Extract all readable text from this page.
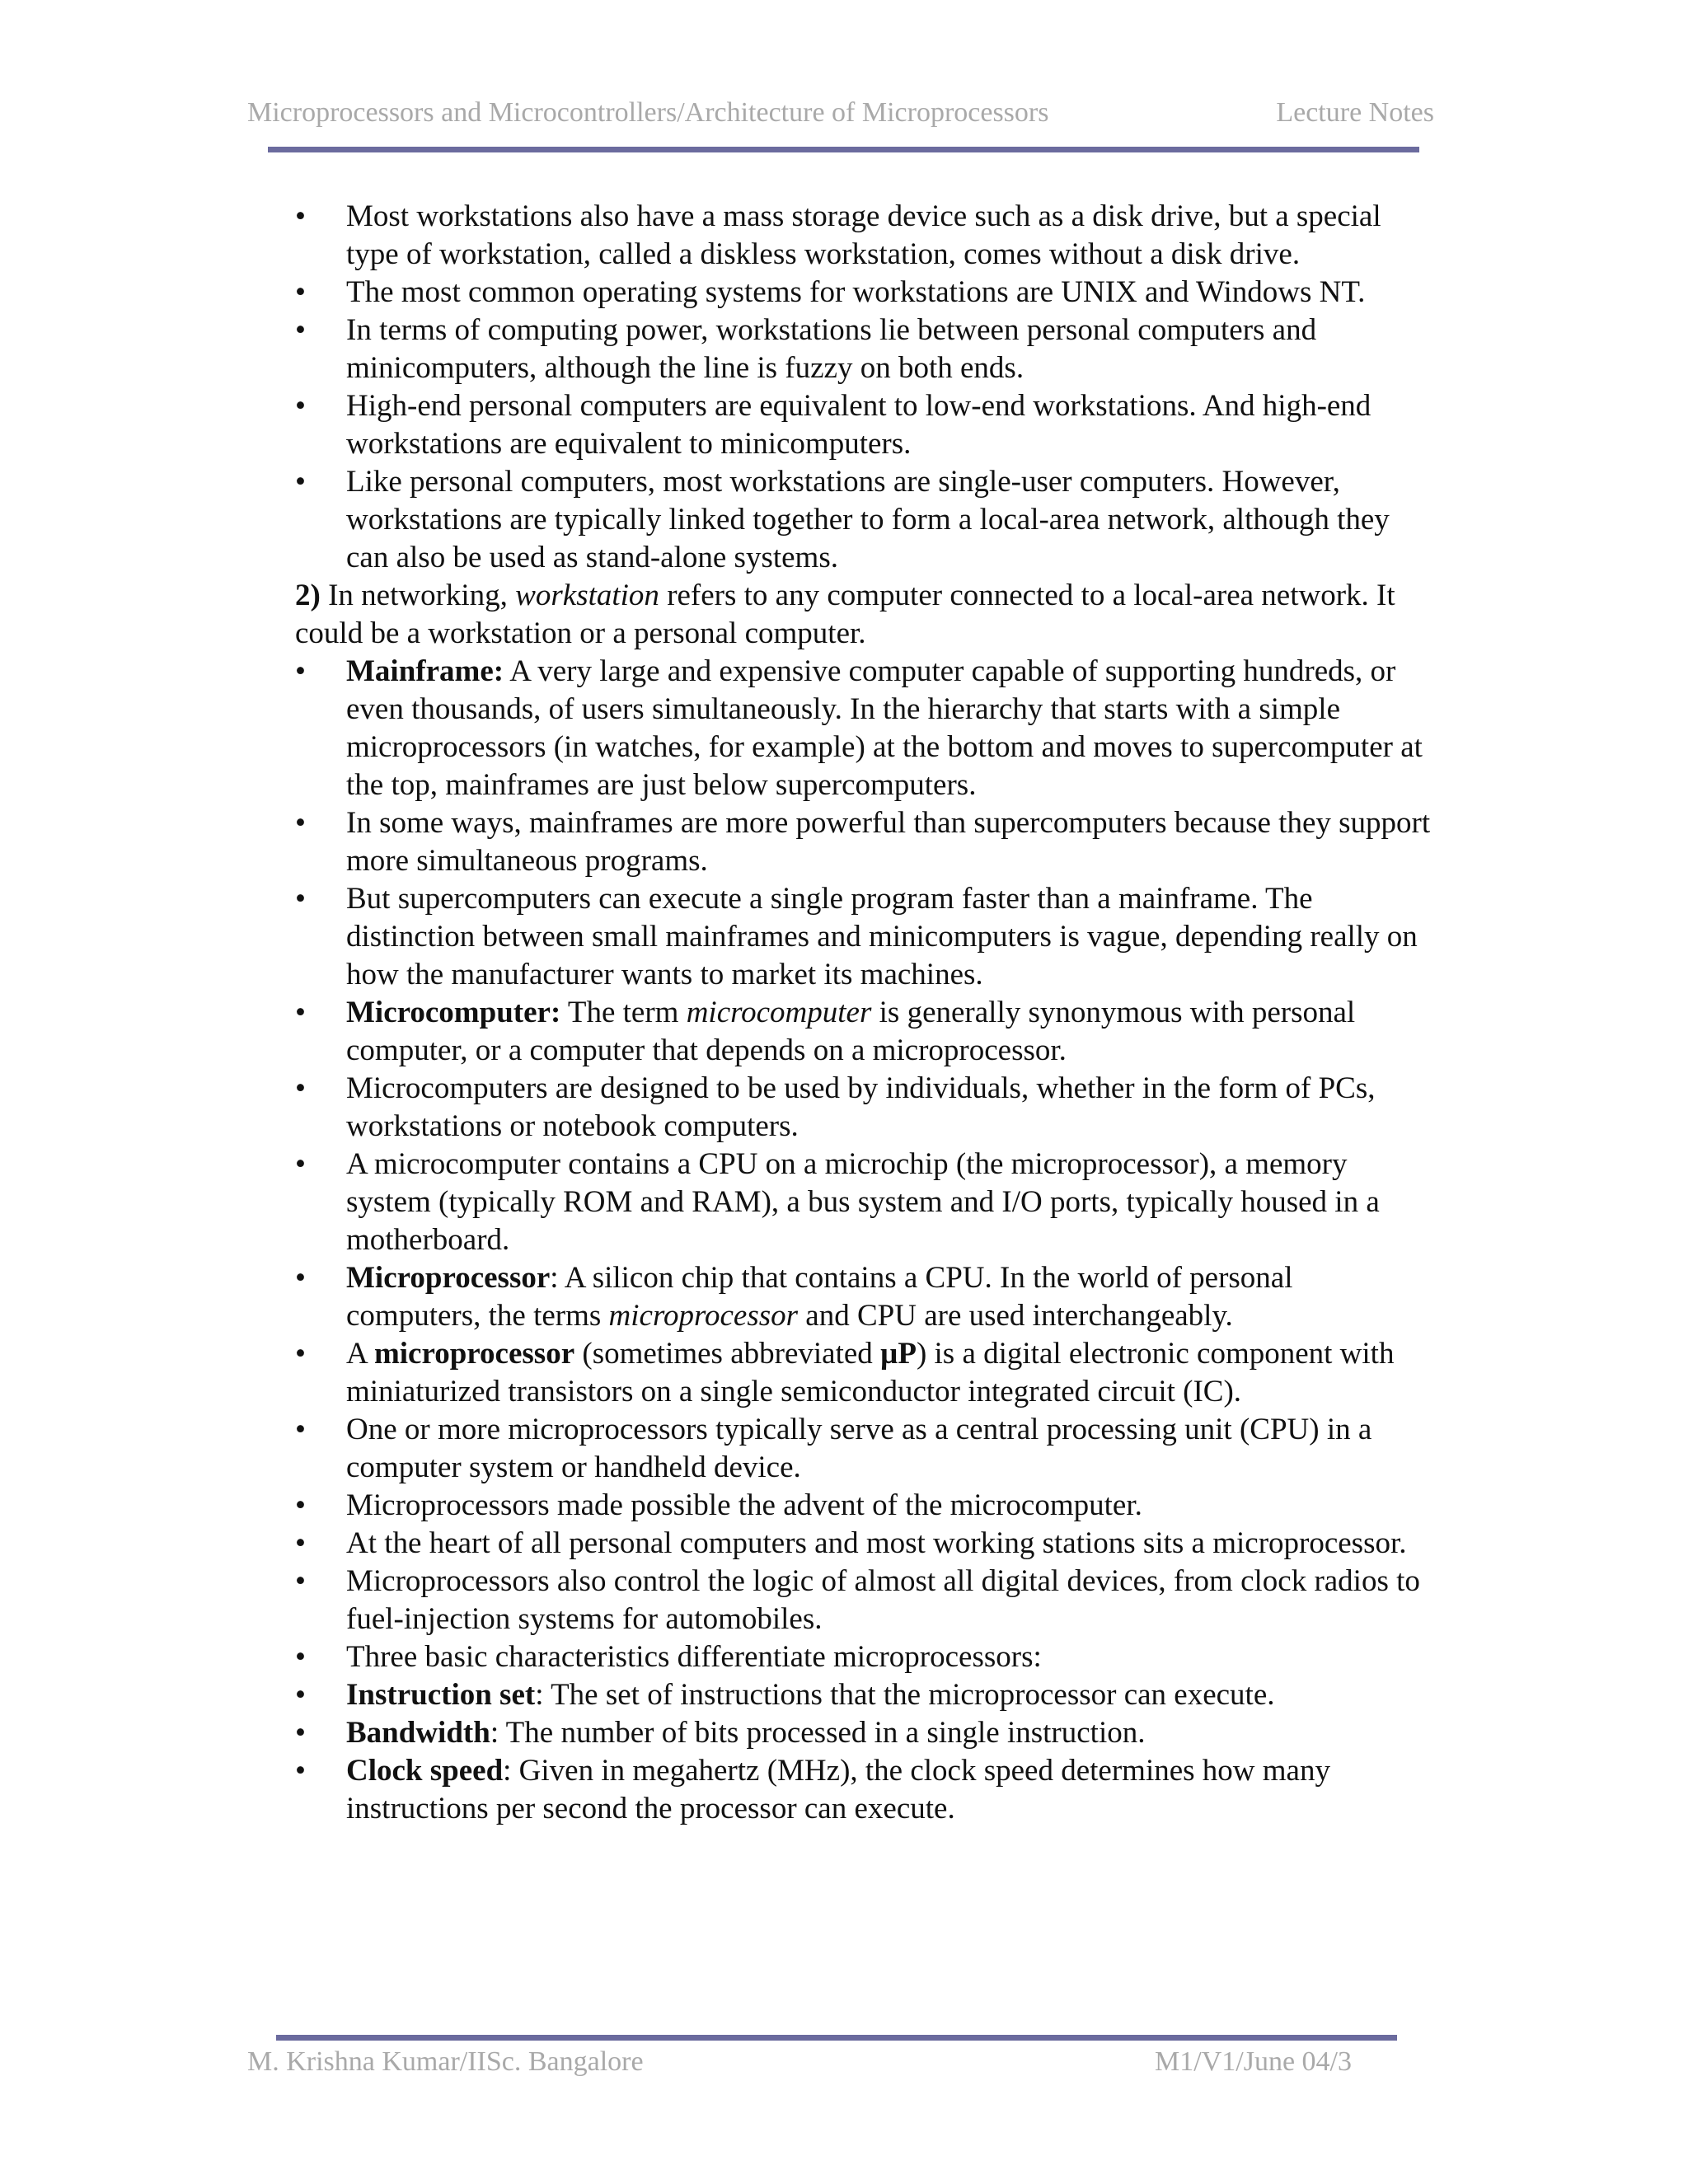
Microprocessors and Microcontrollers/Architecture of Microprocessors	Lecture Notes
•	Most workstations also have a mass storage device such as a disk drive, but a special type of workstation, called a diskless workstation, comes without a disk drive.
•	The most common operating systems for workstations are UNIX and Windows NT.
•	In terms of computing power, workstations lie between personal computers and minicomputers, although the line is fuzzy on both ends.
•	High-end personal computers are equivalent to low-end workstations. And high-end workstations are equivalent to minicomputers.
•	Like personal computers, most workstations are single-user computers. However, workstations are typically linked together to form a local-area network, although they can also be used as stand-alone systems.

2) In networking, workstation refers to any computer connected to a local-area network. It could be a workstation or a personal computer.

•	Mainframe: A very large and expensive computer capable of supporting hundreds, or even thousands, of users simultaneously. In the hierarchy that starts with a simple microprocessors (in watches, for example) at the bottom and moves to supercomputer at the top, mainframes are just below supercomputers.
•	In some ways, mainframes are more powerful than supercomputers because they support more simultaneous programs.
•	But supercomputers can execute a single program faster than a mainframe. The distinction between small mainframes and minicomputers is vague, depending really on how the manufacturer wants to market its machines.
•	Microcomputer: The term microcomputer is generally synonymous with personal computer, or a computer that depends on a microprocessor.
•	Microcomputers are designed to be used by individuals, whether in the form of PCs, workstations or notebook computers.
•	A microcomputer contains a CPU on a microchip (the microprocessor), a memory system (typically ROM and RAM), a bus system and I/O ports, typically housed in a motherboard.
•	Microprocessor: A silicon chip that contains a CPU. In the world of personal computers, the terms microprocessor and CPU are used interchangeably.
•	A microprocessor (sometimes abbreviated µP) is a digital electronic component with miniaturized transistors on a single semiconductor integrated circuit (IC).
•	One or more microprocessors typically serve as a central processing unit (CPU) in a computer system or handheld device.
•	Microprocessors made possible the advent of the microcomputer.
•	At the heart of all personal computers and most working stations sits a microprocessor.
•	Microprocessors also control the logic of almost all digital devices, from clock radios to fuel-injection systems for automobiles.
•	Three basic characteristics differentiate microprocessors:
•	Instruction set: The set of instructions that the microprocessor can execute.
•	Bandwidth: The number of bits processed in a single instruction.
•	Clock speed: Given in megahertz (MHz), the clock speed determines how many instructions per second the processor can execute.
M. Krishna Kumar/IISc. Bangalore	M1/V1/June 04/3
